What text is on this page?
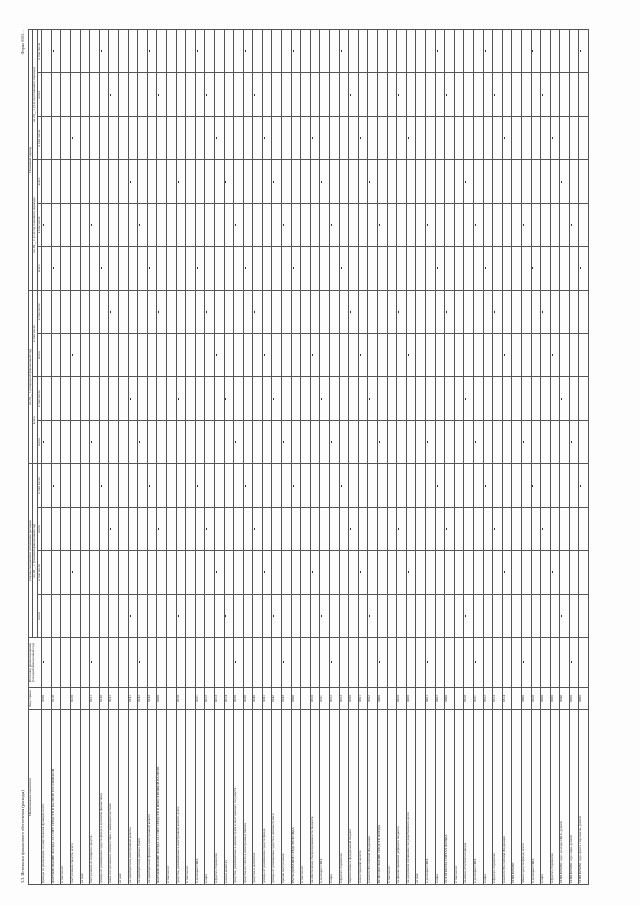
3.3. Источники финансового обеспечения (расходы)
Форма 0503…
Наименование показателя	Код строки	Источник финансирования (текущий финансовый год)	Оценка ожидаемого исполнения расходов				на 20__ г. (очередной финансовый год)				Плановый период					
			на 20__ г. (текущий финансовый год)				всего		в том числе		на 20__ г. (1-й год планового периода)			на 20__ г. (2-й год планового периода)		
			всего	в том числе	всего	в том числе	всего	в том числе	всего	в том числе	всего	в том числе	всего	в том числе	всего	в том числе
Доходы от реализации, осуществления функций, всего	0100															
ФОРМИРОВАНИЕ ФОНДА ЗА СЧЕТ СРЕДСТВ В ВАЛЮТЕ РОССИЙСКОЙ	0110															
в том числе:																
поступление средств, всего	0120															
из них:																
поступление от возврата средств	0121															
доходы от размещения средств фонда в депозиты финансовых	0130															
иные поступления в соответствии с законодательством	0131															
из них:																
на приобретение иностранной валюты	0141															
на приобретение ценных бумаг	0142															
на приобретение фондов в иностранной валюте	0143															
ФОРМИРОВАНИЕ ФОНДА ЗА СЧЕТ СРЕДСТВ В ИНОСТРАННОЙ ВАЛЮТЕ	0200															
в том числе:																
средства, размещенные в иностранной валюте, всего	0210															
в том числе:																
в долларах США	0211															
в евро	0212															
в фунтах стерлингов	0213															
в иных валютах	0214															
средства, размещенные в ценные бумаги иностранных государств	0220															
средства на счетах в иностранных банках	0230															
средства в депозитах	0240															
доходы от размещения средств фонда	0241															
доходы от размещения средств в ценные бумаги	0242															
прочие поступления	0243															
РАСХОДОВАНИЕ СРЕДСТВ ФОНДА	0300															
в том числе:																
на обеспечение сбалансированности бюджета	0310															
в долларах США	0311															
в евро	0312															
в фунтах стерлингов	0313															
перечисление в федеральный бюджет	0320															
в иностранной валюте	0321															
в валюте Российской Федерации	0322															
ИСПОЛЬЗОВАНИЕ СРЕДСТВ ФОНДА	0400															
в том числе:																
на финансирование дефицита бюджета	0410															
на досрочное погашение государственного долга	0420															
из них:																
в долларах США	0421															
в евро	0422															
ОСТАТКИ НА СЧЕТАХ ФОНДА	0500															
в том числе:																
на конец отчетного периода	0510															
в долларах США	0511															
в евро	0512															
в фунтах стерлингов	0513															
в валюте Российской Федерации	0514															
СПРАВОЧНО:																
объем средств фонда, всего	0600															
в долларах США	0610															
в евро	0620															
в фунтах стерлингов	0630															
СПРАВОЧНО: курс доллара США, рублей	0640															
СПРАВОЧНО: курс евро, рублей	0650															
СПРАВОЧНО: курс фунта стерлингов, рублей	0660															
